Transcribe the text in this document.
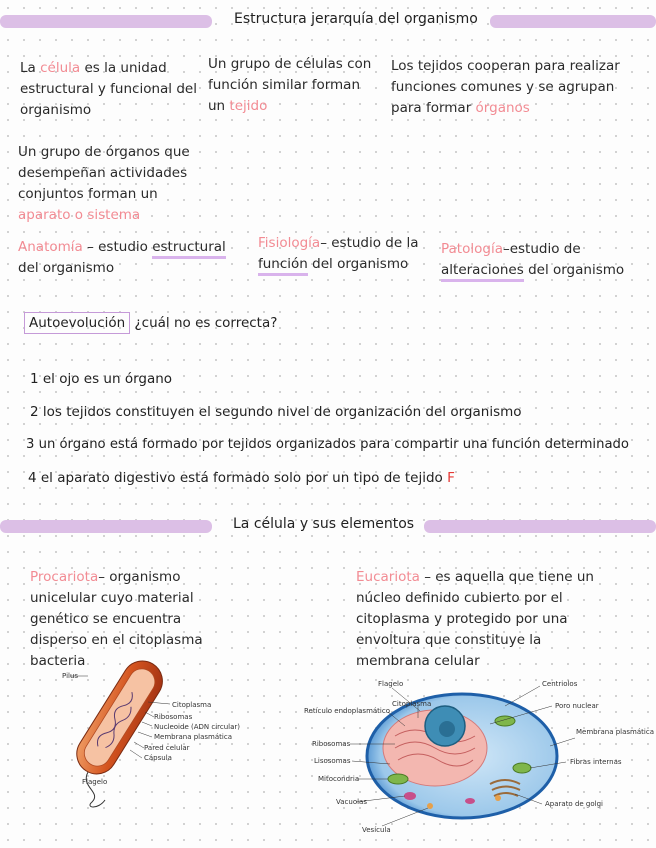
Estructura jerarquía del organismo
La célula es la unidad estructural y funcional del organismo
Un grupo de células con función similar forman un tejido
Los tejidos cooperan para realizar funciones comunes y se agrupan para formar órganos
Un grupo de órganos que desempeñan actividades conjuntos forman un aparato o sistema
Anatomía – estudio estructural del organismo
Fisiología– estudio de la función del organismo
Patología–estudio de alteraciones del organismo
Autoevolución ¿cuál no es correcta?
1 el ojo es un órgano
2 los tejidos constituyen el segundo nivel de organización del organismo
3 un órgano está formado por tejidos organizados para compartir una función determinado
4 el aparato digestivo está formado solo por un tipo de tejido F
La célula y sus elementos
Procariota– organismo unicelular cuyo material genético se encuentra disperso en el citoplasma bacteria
Eucariota – es aquella que tiene un núcleo definido cubierto por el citoplasma y protegido por una envoltura que constituye la membrana celular
Pilus
Citoplasma
Ribosomas
Nucleoide (ADN circular)
Membrana plasmática
Pared celular
Cápsula
Flagelo
Flagelo
Citoplasma
Centriolos
Retículo endoplasmático
Poro nuclear
Ribosomas
Membrana plasmática
Lisosomas	Fibras internas
Mitocondria
Vacuolas	Aparato de golgi
Vesícula
